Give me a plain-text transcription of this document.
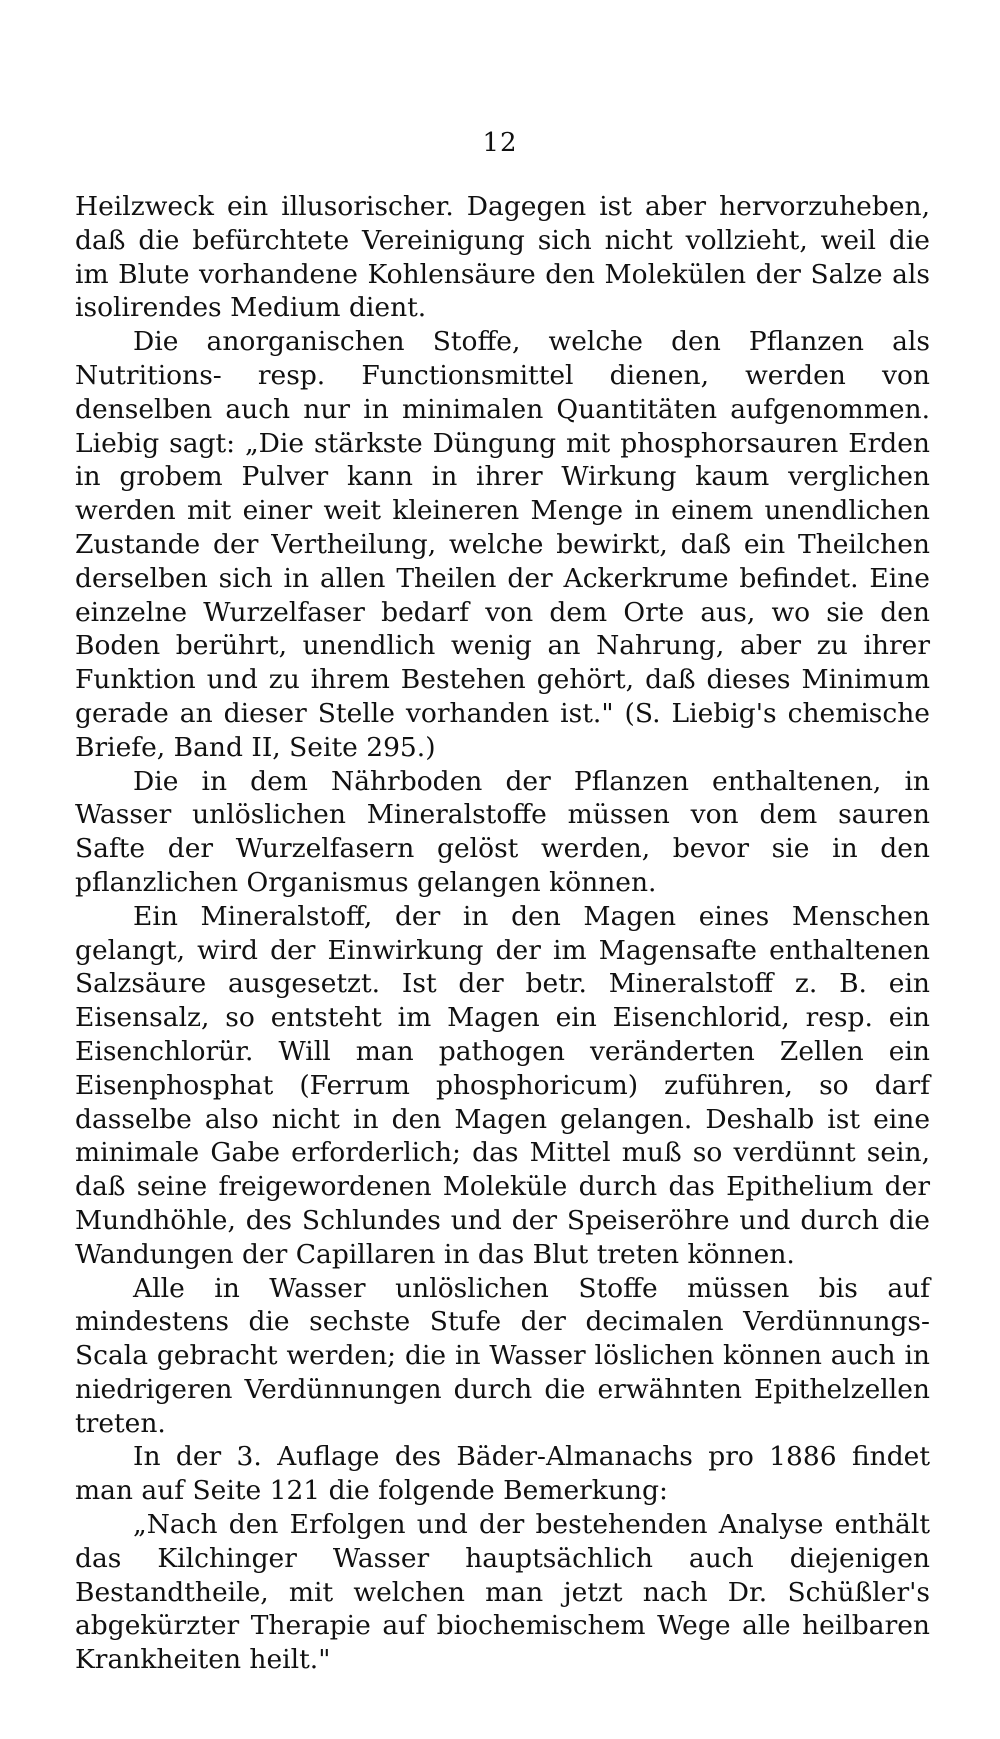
12

Heilzweck ein illusorischer. Dagegen ist aber hervorzuheben, daß die befürchtete Vereinigung sich nicht vollzieht, weil die im Blute vorhandene Kohlensäure den Molekülen der Salze als isolirendes Medium dient.

Die anorganischen Stoffe, welche den Pflanzen als Nutritions- resp. Functionsmittel dienen, werden von denselben auch nur in minimalen Quantitäten aufgenommen. Liebig sagt: „Die stärkste Düngung mit phosphorsauren Erden in grobem Pulver kann in ihrer Wirkung kaum verglichen werden mit einer weit kleineren Menge in einem unendlichen Zustande der Vertheilung, welche bewirkt, daß ein Theilchen derselben sich in allen Theilen der Ackerkrume befindet. Eine einzelne Wurzelfaser bedarf von dem Orte aus, wo sie den Boden berührt, unendlich wenig an Nahrung, aber zu ihrer Funktion und zu ihrem Bestehen gehört, daß dieses Minimum gerade an dieser Stelle vorhanden ist." (S. Liebig's chemische Briefe, Band II, Seite 295.)

Die in dem Nährboden der Pflanzen enthaltenen, in Wasser unlöslichen Mineralstoffe müssen von dem sauren Safte der Wurzelfasern gelöst werden, bevor sie in den pflanzlichen Organismus gelangen können.

Ein Mineralstoff, der in den Magen eines Menschen gelangt, wird der Einwirkung der im Magensafte enthaltenen Salzsäure ausgesetzt. Ist der betr. Mineralstoff z. B. ein Eisensalz, so entsteht im Magen ein Eisenchlorid, resp. ein Eisenchlorür. Will man pathogen veränderten Zellen ein Eisenphosphat (Ferrum phosphoricum) zuführen, so darf dasselbe also nicht in den Magen gelangen. Deshalb ist eine minimale Gabe erforderlich; das Mittel muß so verdünnt sein, daß seine freigewordenen Moleküle durch das Epithelium der Mundhöhle, des Schlundes und der Speiseröhre und durch die Wandungen der Capillaren in das Blut treten können.

Alle in Wasser unlöslichen Stoffe müssen bis auf mindestens die sechste Stufe der decimalen Verdünnungs-Scala gebracht werden; die in Wasser löslichen können auch in niedrigeren Verdünnungen durch die erwähnten Epithelzellen treten.

In der 3. Auflage des Bäder-Almanachs pro 1886 findet man auf Seite 121 die folgende Bemerkung:

„Nach den Erfolgen und der bestehenden Analyse enthält das Kilchinger Wasser hauptsächlich auch diejenigen Bestandtheile, mit welchen man jetzt nach Dr. Schüßler's abgekürzter Therapie auf biochemischem Wege alle heilbaren Krankheiten heilt."
